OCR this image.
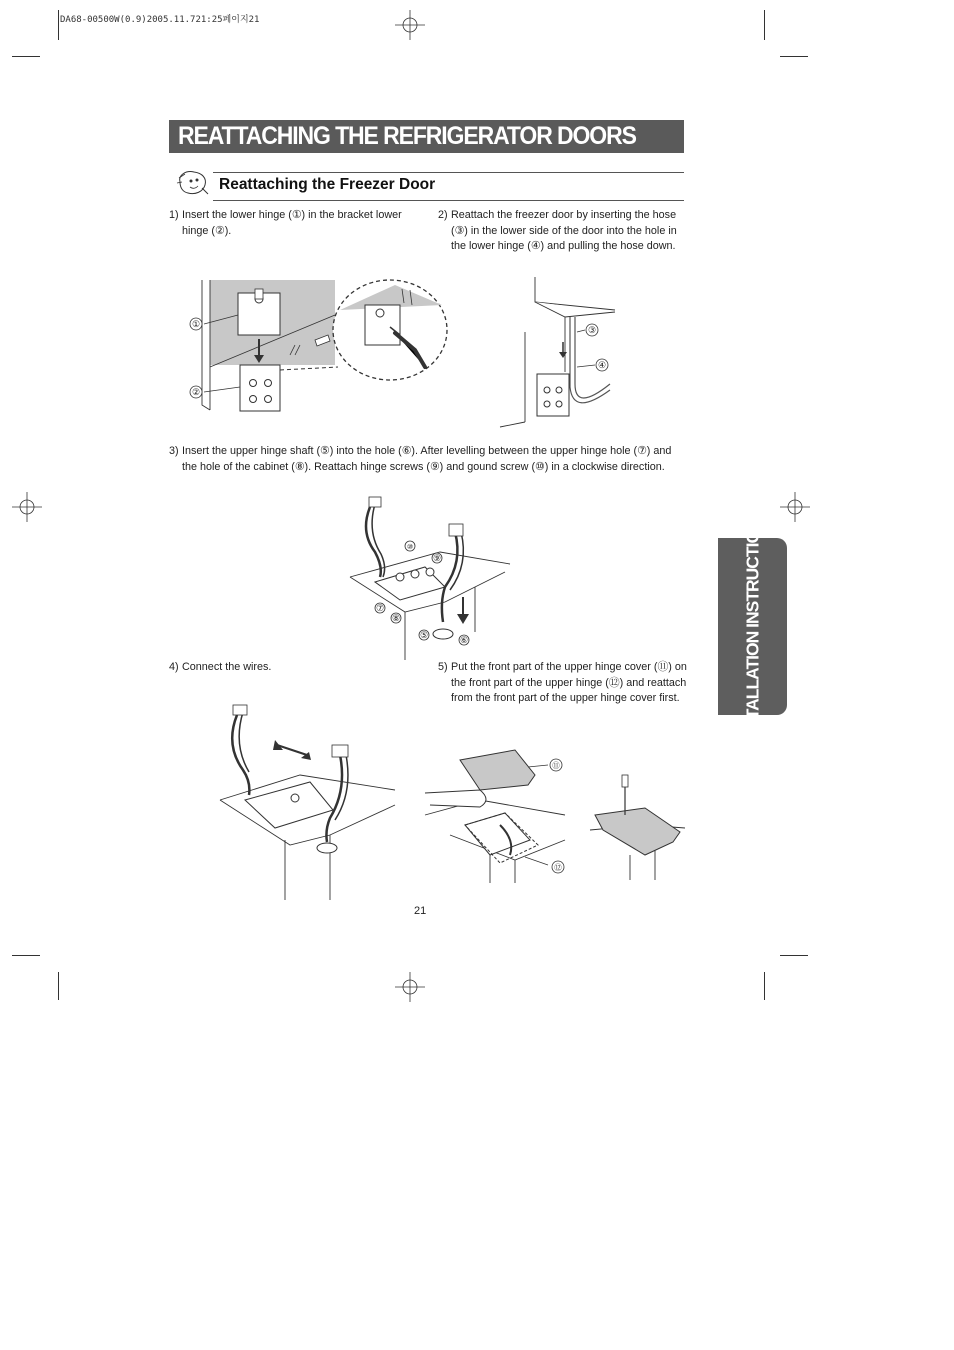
DA68-00500W(0.9)2005.11.721:25페이지21
REATTACHING THE REFRIGERATOR DOORS
Reattaching the Freezer Door
1) Insert the lower hinge (①) in the bracket lower hinge (②).
2) Reattach the freezer door by inserting the hose (③) in the lower side of the door into the hole in the lower hinge (④) and pulling the hose down.
3) Insert the upper hinge shaft (⑤) into the hole (⑥). After levelling between the upper hinge hole (⑦) and the hole of the cabinet (⑧). Reattach hinge screws (⑨) and gound screw (⑩) in a clockwise direction.
4) Connect the wires.	5) Put the front part of the upper hinge cover (⑪) on the front part of the upper hinge (⑫) and reattach from the front part of the upper hinge cover first.
①
②
③
④
⑩
⑨
⑦
⑧
⑤	⑥
⑪
⑫
INSTALLATION INSTRUCTIONS
21
